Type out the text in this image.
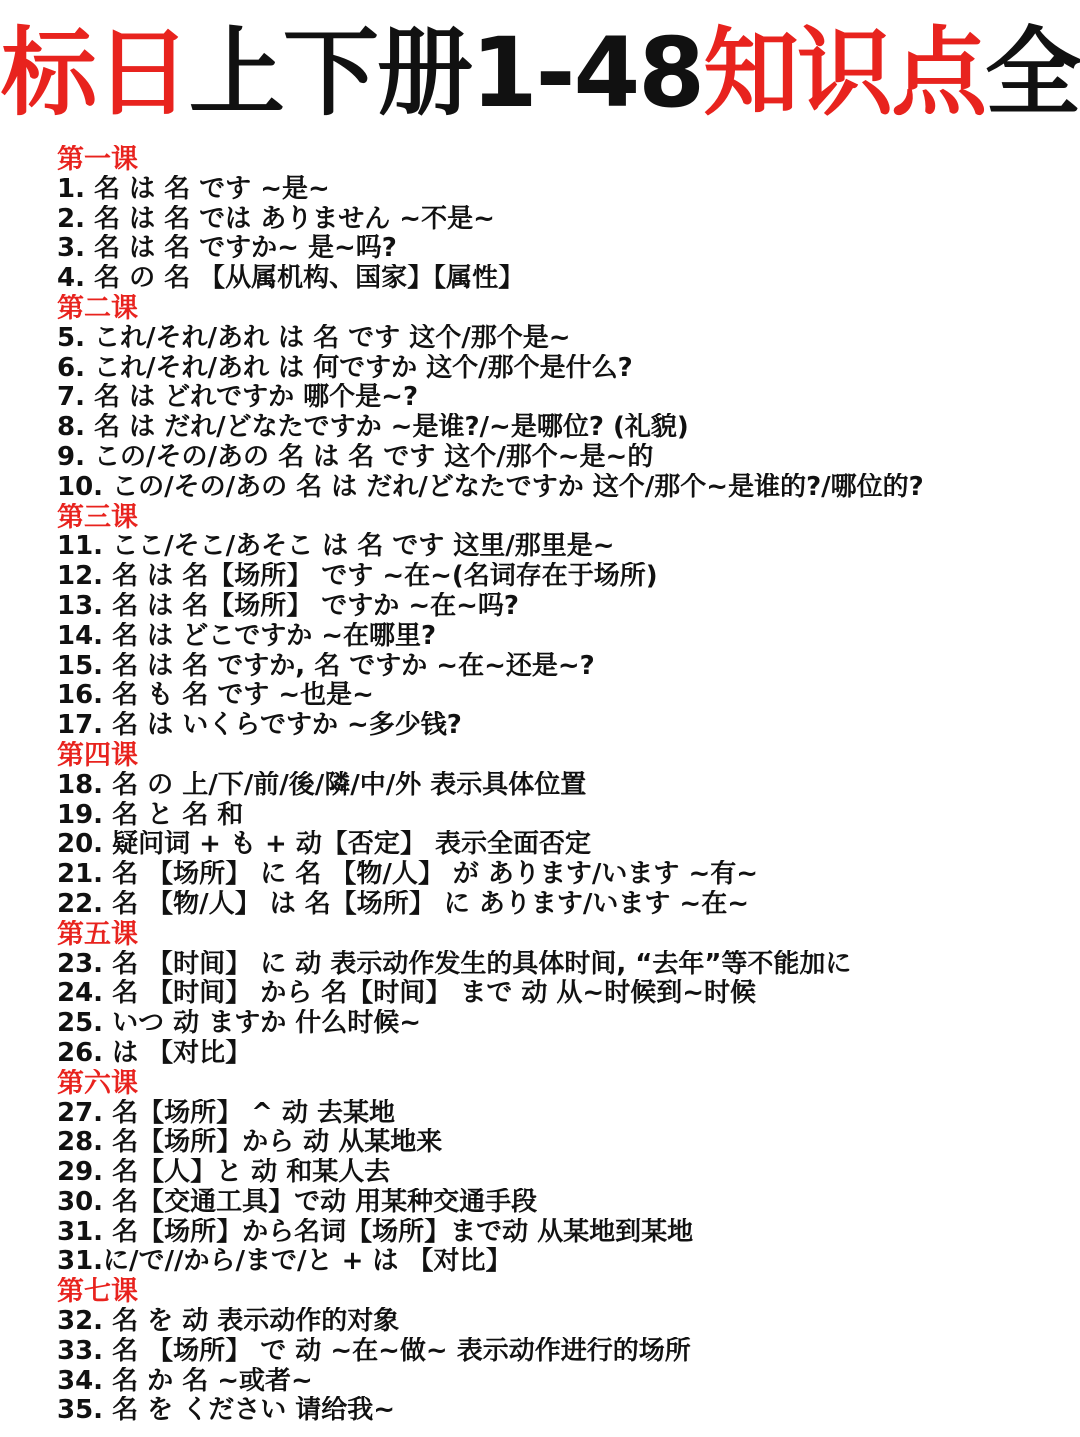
标日上下册1-48知识点全
第一课
1. 名 は 名 です ~是~
2. 名 は 名 では ありません ~不是~
3. 名 は 名 ですか~ 是~吗?
4. 名 の 名 【从属机构、国家】【属性】
第二课
5. これ/それ/あれ は 名 です 这个/那个是~
6. これ/それ/あれ は 何ですか 这个/那个是什么?
7. 名 は どれですか 哪个是~?
8. 名 は だれ/どなたですか ~是谁?/~是哪位? (礼貌)
9. この/その/あの 名 は 名 です 这个/那个~是~的
10. この/その/あの 名 は だれ/どなたですか 这个/那个~是谁的?/哪位的?
第三课
11. ここ/そこ/あそこ は 名 です 这里/那里是~
12. 名 は 名【场所】 です ~在~(名词存在于场所)
13. 名 は 名【场所】 ですか ~在~吗?
14. 名 は どこですか ~在哪里?
15. 名 は 名 ですか, 名 ですか ~在~还是~?
16. 名 も 名 です ~也是~
17. 名 は いくらですか ~多少钱?
第四课
18. 名 の 上/下/前/後/隣/中/外 表示具体位置
19. 名 と 名 和
20. 疑问词 + も + 动【否定】 表示全面否定
21. 名 【场所】 に 名 【物/人】 が あります/います ~有~
22. 名 【物/人】 は 名【场所】 に あります/います ~在~
第五课
23. 名 【时间】 に 动 表示动作发生的具体时间, “去年”等不能加に
24. 名 【时间】 から 名【时间】 まで 动 从~时候到~时候
25. いつ 动 ますか 什么时候~
26. は 【对比】
第六课
27. 名【场所】 ^ 动 去某地
28. 名【场所】から 动 从某地来
29. 名【人】と 动 和某人去
30. 名【交通工具】で动 用某种交通手段
31. 名【场所】から名词【场所】まで动 从某地到某地
31.に/で//から/まで/と + は 【对比】
第七课
32. 名 を 动 表示动作的对象
33. 名 【场所】 で 动 ~在~做~ 表示动作进行的场所
34. 名 か 名 ~或者~
35. 名 を ください 请给我~
